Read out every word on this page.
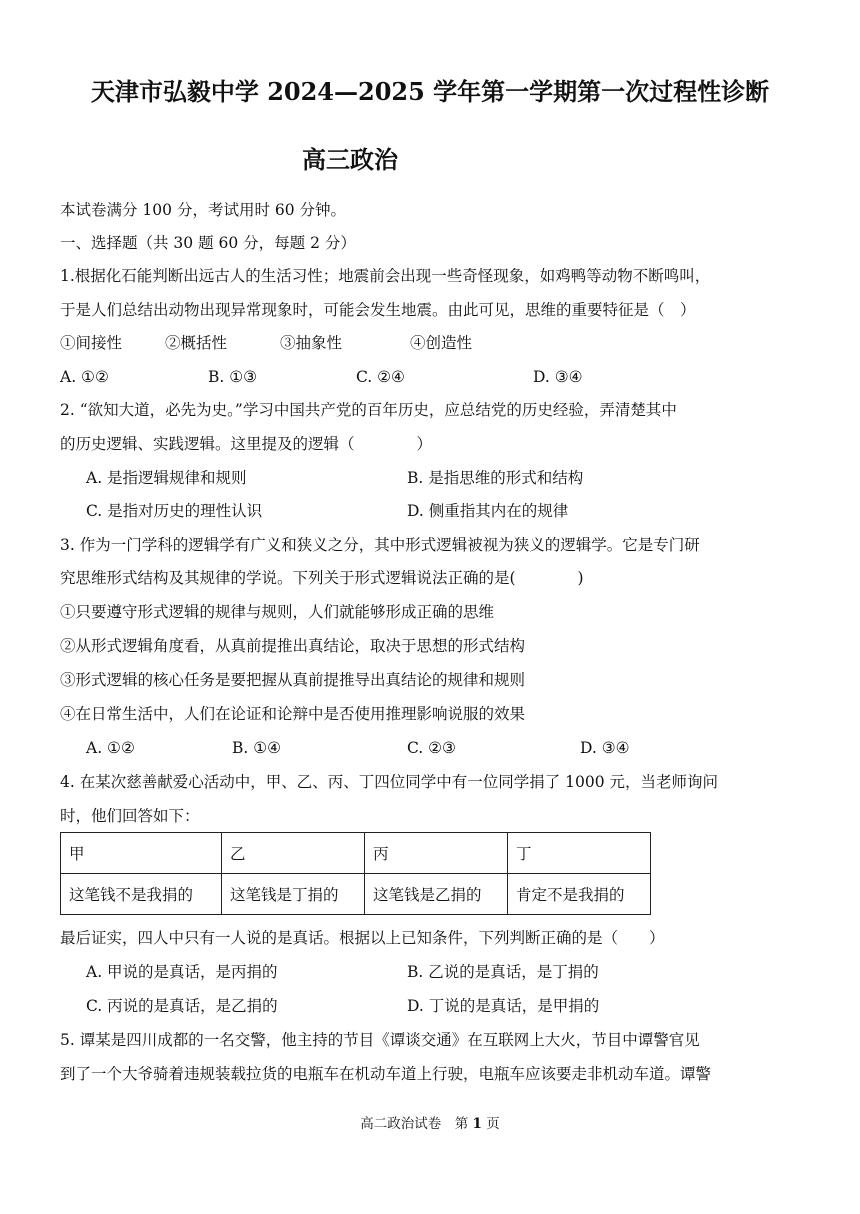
天津市弘毅中学 2024—2025 学年第一学期第一次过程性诊断
高三政治
本试卷满分 100 分，考试用时 60 分钟。
一、选择题（共 30 题 60 分，每题 2 分）
1.根据化石能判断出远古人的生活习性；地震前会出现一些奇怪现象，如鸡鸭等动物不断鸣叫，
于是人们总结出动物出现异常现象时，可能会发生地震。由此可见，思维的重要特征是（　）
①间接性	②概括性	③抽象性	④创造性
A. ①②	B. ①③	C. ②④	D. ③④
2. “欲知大道，必先为史。”学习中国共产党的百年历史，应总结党的历史经验，弄清楚其中
的历史逻辑、实践逻辑。这里提及的逻辑（　　　　）
A. 是指逻辑规律和规则	B. 是指思维的形式和结构
C. 是指对历史的理性认识	D. 侧重指其内在的规律
3. 作为一门学科的逻辑学有广义和狭义之分，其中形式逻辑被视为狭义的逻辑学。它是专门研
究思维形式结构及其规律的学说。下列关于形式逻辑说法正确的是(　　　　)
①只要遵守形式逻辑的规律与规则，人们就能够形成正确的思维
②从形式逻辑角度看，从真前提推出真结论，取决于思想的形式结构
③形式逻辑的核心任务是要把握从真前提推导出真结论的规律和规则
④在日常生活中，人们在论证和论辩中是否使用推理影响说服的效果
A. ①②	B. ①④	C. ②③	D. ③④
4. 在某次慈善献爱心活动中，甲、乙、丙、丁四位同学中有一位同学捐了 1000 元，当老师询问
时，他们回答如下：
甲	乙	丙	丁
这笔钱不是我捐的	这笔钱是丁捐的	这笔钱是乙捐的	肯定不是我捐的
最后证实，四人中只有一人说的是真话。根据以上已知条件，下列判断正确的是（　　）
A. 甲说的是真话，是丙捐的	B. 乙说的是真话，是丁捐的
C. 丙说的是真话，是乙捐的	D. 丁说的是真话，是甲捐的
5. 谭某是四川成都的一名交警，他主持的节目《谭谈交通》在互联网上大火，节目中谭警官见
到了一个大爷骑着违规装载拉货的电瓶车在机动车道上行驶，电瓶车应该要走非机动车道。谭警
高二政治试卷　第 1 页
